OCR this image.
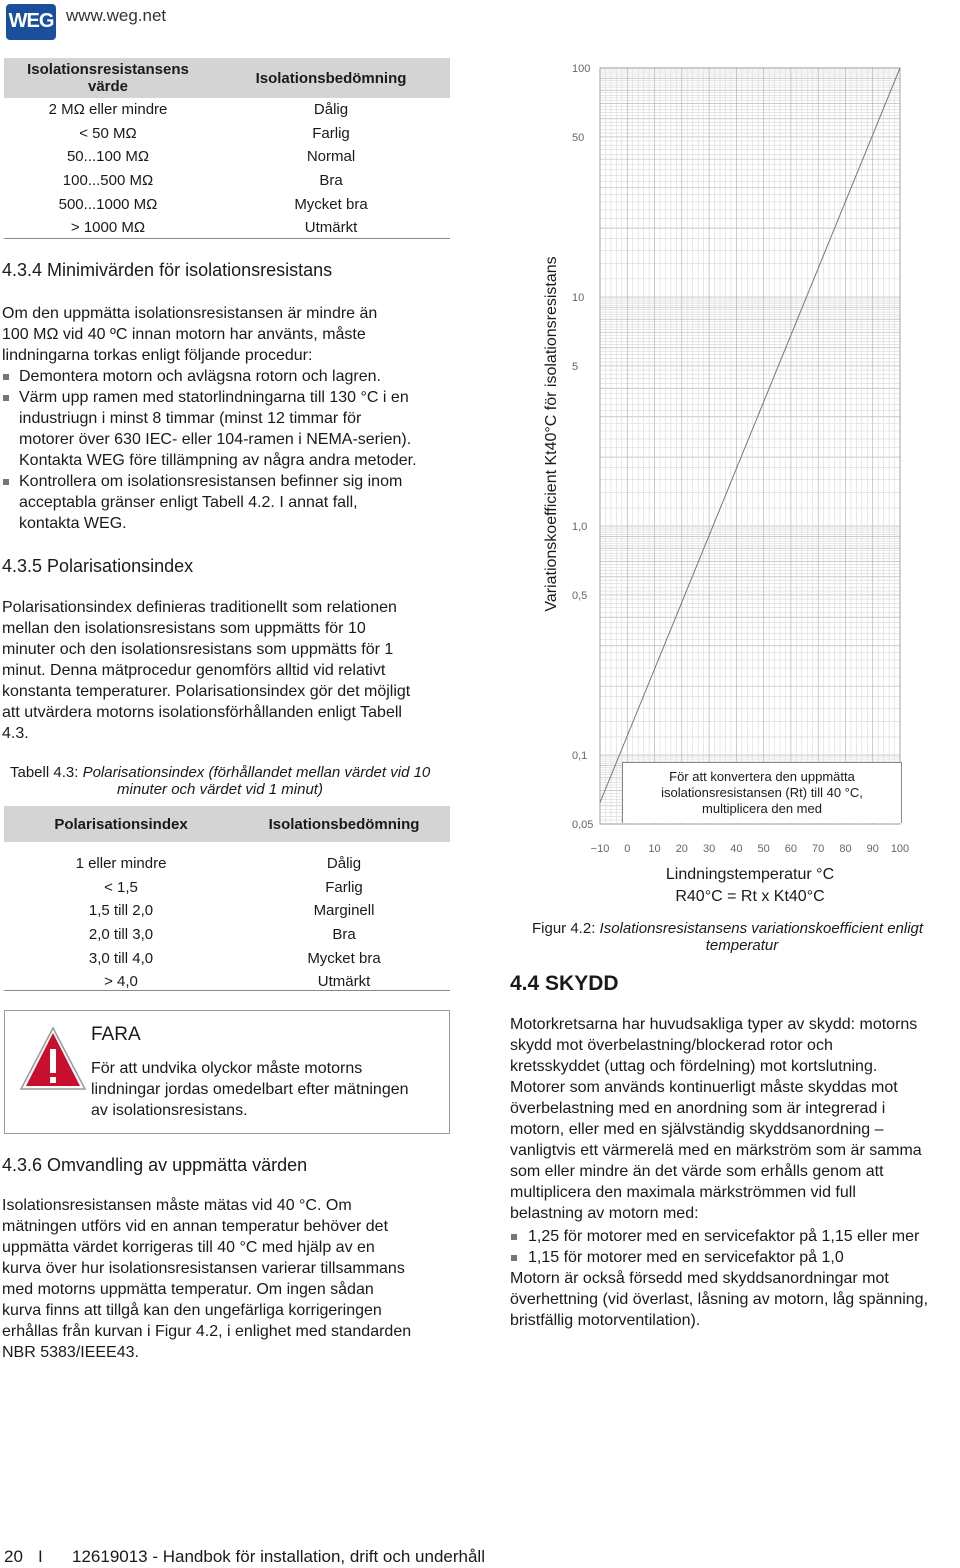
WEG www.weg.net
Isolationsresistansens värde	Isolationsbedömning
2 MΩ eller mindre	Dålig
< 50 MΩ	Farlig
50...100 MΩ	Normal
100...500 MΩ	Bra
500...1000 MΩ	Mycket bra
> 1000 MΩ	Utmärkt
4.3.4 Minimivärden för isolationsresistans
Om den uppmätta isolationsresistansen är mindre än
100 MΩ vid 40 ºC innan motorn har använts, måste
lindningarna torkas enligt följande procedur:
Demontera motorn och avlägsna rotorn och lagren.
Värm upp ramen med statorlindningarna till 130 °C i en
industriugn i minst 8 timmar (minst 12 timmar för
motorer över 630 IEC- eller 104-ramen i NEMA-serien).
Kontakta WEG före tillämpning av några andra metoder.
Kontrollera om isolationsresistansen befinner sig inom
acceptabla gränser enligt Tabell 4.2. I annat fall,
kontakta WEG.
4.3.5 Polarisationsindex
Polarisationsindex definieras traditionellt som relationen
mellan den isolationsresistans som uppmätts för 10
minuter och den isolationsresistans som uppmätts för 1
minut. Denna mätprocedur genomförs alltid vid relativt
konstanta temperaturer. Polarisationsindex gör det möjligt
att utvärdera motorns isolationsförhållanden enligt Tabell
4.3.
Tabell 4.3: Polarisationsindex (förhållandet mellan värdet vid 10
minuter och värdet vid 1 minut)
Polarisationsindex	Isolationsbedömning

1 eller mindre	Dålig
< 1,5	Farlig
1,5 till 2,0	Marginell
2,0 till 3,0	Bra
3,0 till 4,0	Mycket bra
> 4,0	Utmärkt
FARA
För att undvika olyckor måste motorns
lindningar jordas omedelbart efter mätningen
av isolationsresistans.
4.3.6 Omvandling av uppmätta värden
Isolationsresistansen måste mätas vid 40 °C. Om
mätningen utförs vid en annan temperatur behöver det
uppmätta värdet korrigeras till 40 °C med hjälp av en
kurva över hur isolationsresistansen varierar tillsammans
med motorns uppmätta temperatur. Om ingen sådan
kurva finns att tillgå kan den ungefärliga korrigeringen
erhållas från kurvan i Figur 4.2, i enlighet med standarden
NBR 5383/IEEE43.
Variationskoefficient Kt40°C för isolationsresistans
100
50
10
5
1,0
0,5
0,1
0,05
−10 0 10 20 30 40 50 60 70 80 90 100
För att konvertera den uppmätta
isolationsresistansen (Rt) till 40 °C,
multiplicera den med
Lindningstemperatur °C
R40°C = Rt x Kt40°C
Figur 4.2: Isolationsresistansens variationskoefficient enligt
temperatur
4.4 SKYDD
Motorkretsarna har huvudsakliga typer av skydd: motorns
skydd mot överbelastning/blockerad rotor och
kretsskyddet (uttag och fördelning) mot kortslutning.
Motorer som används kontinuerligt måste skyddas mot
överbelastning med en anordning som är integrerad i
motorn, eller med en självständig skyddsanordning –
vanligtvis ett värmerelä med en märkström som är samma
som eller mindre än det värde som erhålls genom att
multiplicera den maximala märkströmmen vid full
belastning av motorn med:
1,25 för motorer med en servicefaktor på 1,15 eller mer
1,15 för motorer med en servicefaktor på 1,0
Motorn är också försedd med skyddsanordningar mot
överhettning (vid överlast, låsning av motorn, låg spänning,
bristfällig motorventilation).
20 I 12619013 - Handbok för installation, drift och underhåll
